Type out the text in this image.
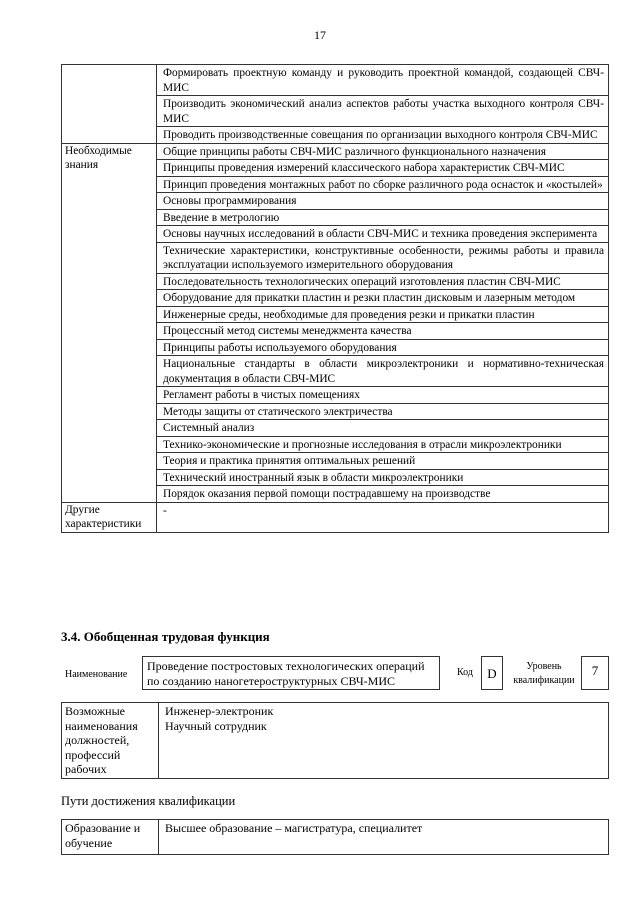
17
	Формировать проектную команду и руководить проектной командой, создающей СВЧ-МИС
	Производить экономический анализ аспектов работы участка выходного контроля СВЧ-МИС
	Проводить производственные совещания по организации выходного контроля СВЧ-МИС
Необходимые знания	Общие принципы работы СВЧ-МИС различного функционального назначения
	Принципы проведения измерений классического набора характеристик СВЧ-МИС
	Принцип проведения монтажных работ по сборке различного рода оснасток и «костылей»
	Основы программирования
	Введение в метрологию
	Основы научных исследований в области СВЧ-МИС и техника проведения эксперимента
	Технические характеристики, конструктивные особенности, режимы работы и правила эксплуатации используемого измерительного оборудования
	Последовательность технологических операций изготовления пластин СВЧ-МИС
	Оборудование для прикатки пластин и резки пластин дисковым и лазерным методом
	Инженерные среды, необходимые для проведения резки и прикатки пластин
	Процессный метод системы менеджмента качества
	Принципы работы используемого оборудования
	Национальные стандарты в области микроэлектроники и нормативно-техническая документация в области СВЧ-МИС
	Регламент работы в чистых помещениях
	Методы защиты от статического электричества
	Системный анализ
	Технико-экономические и прогнозные исследования в отрасли микроэлектроники
	Теория и практика принятия оптимальных решений
	Технический иностранный язык в области микроэлектроники
	Порядок оказания первой помощи пострадавшему на производстве
Другие характеристики	-
3.4. Обобщенная трудовая функция
Наименование
Проведение постростовых технологических операций по созданию наногетероструктурных СВЧ-МИС
Код	D	Уровень квалификации
7
Возможные наименования должностей, профессий рабочих	
Инженер-электроник
Научный сотрудник
Пути достижения квалификации
Образование и обучение	Высшее образование – магистратура, специалитет
